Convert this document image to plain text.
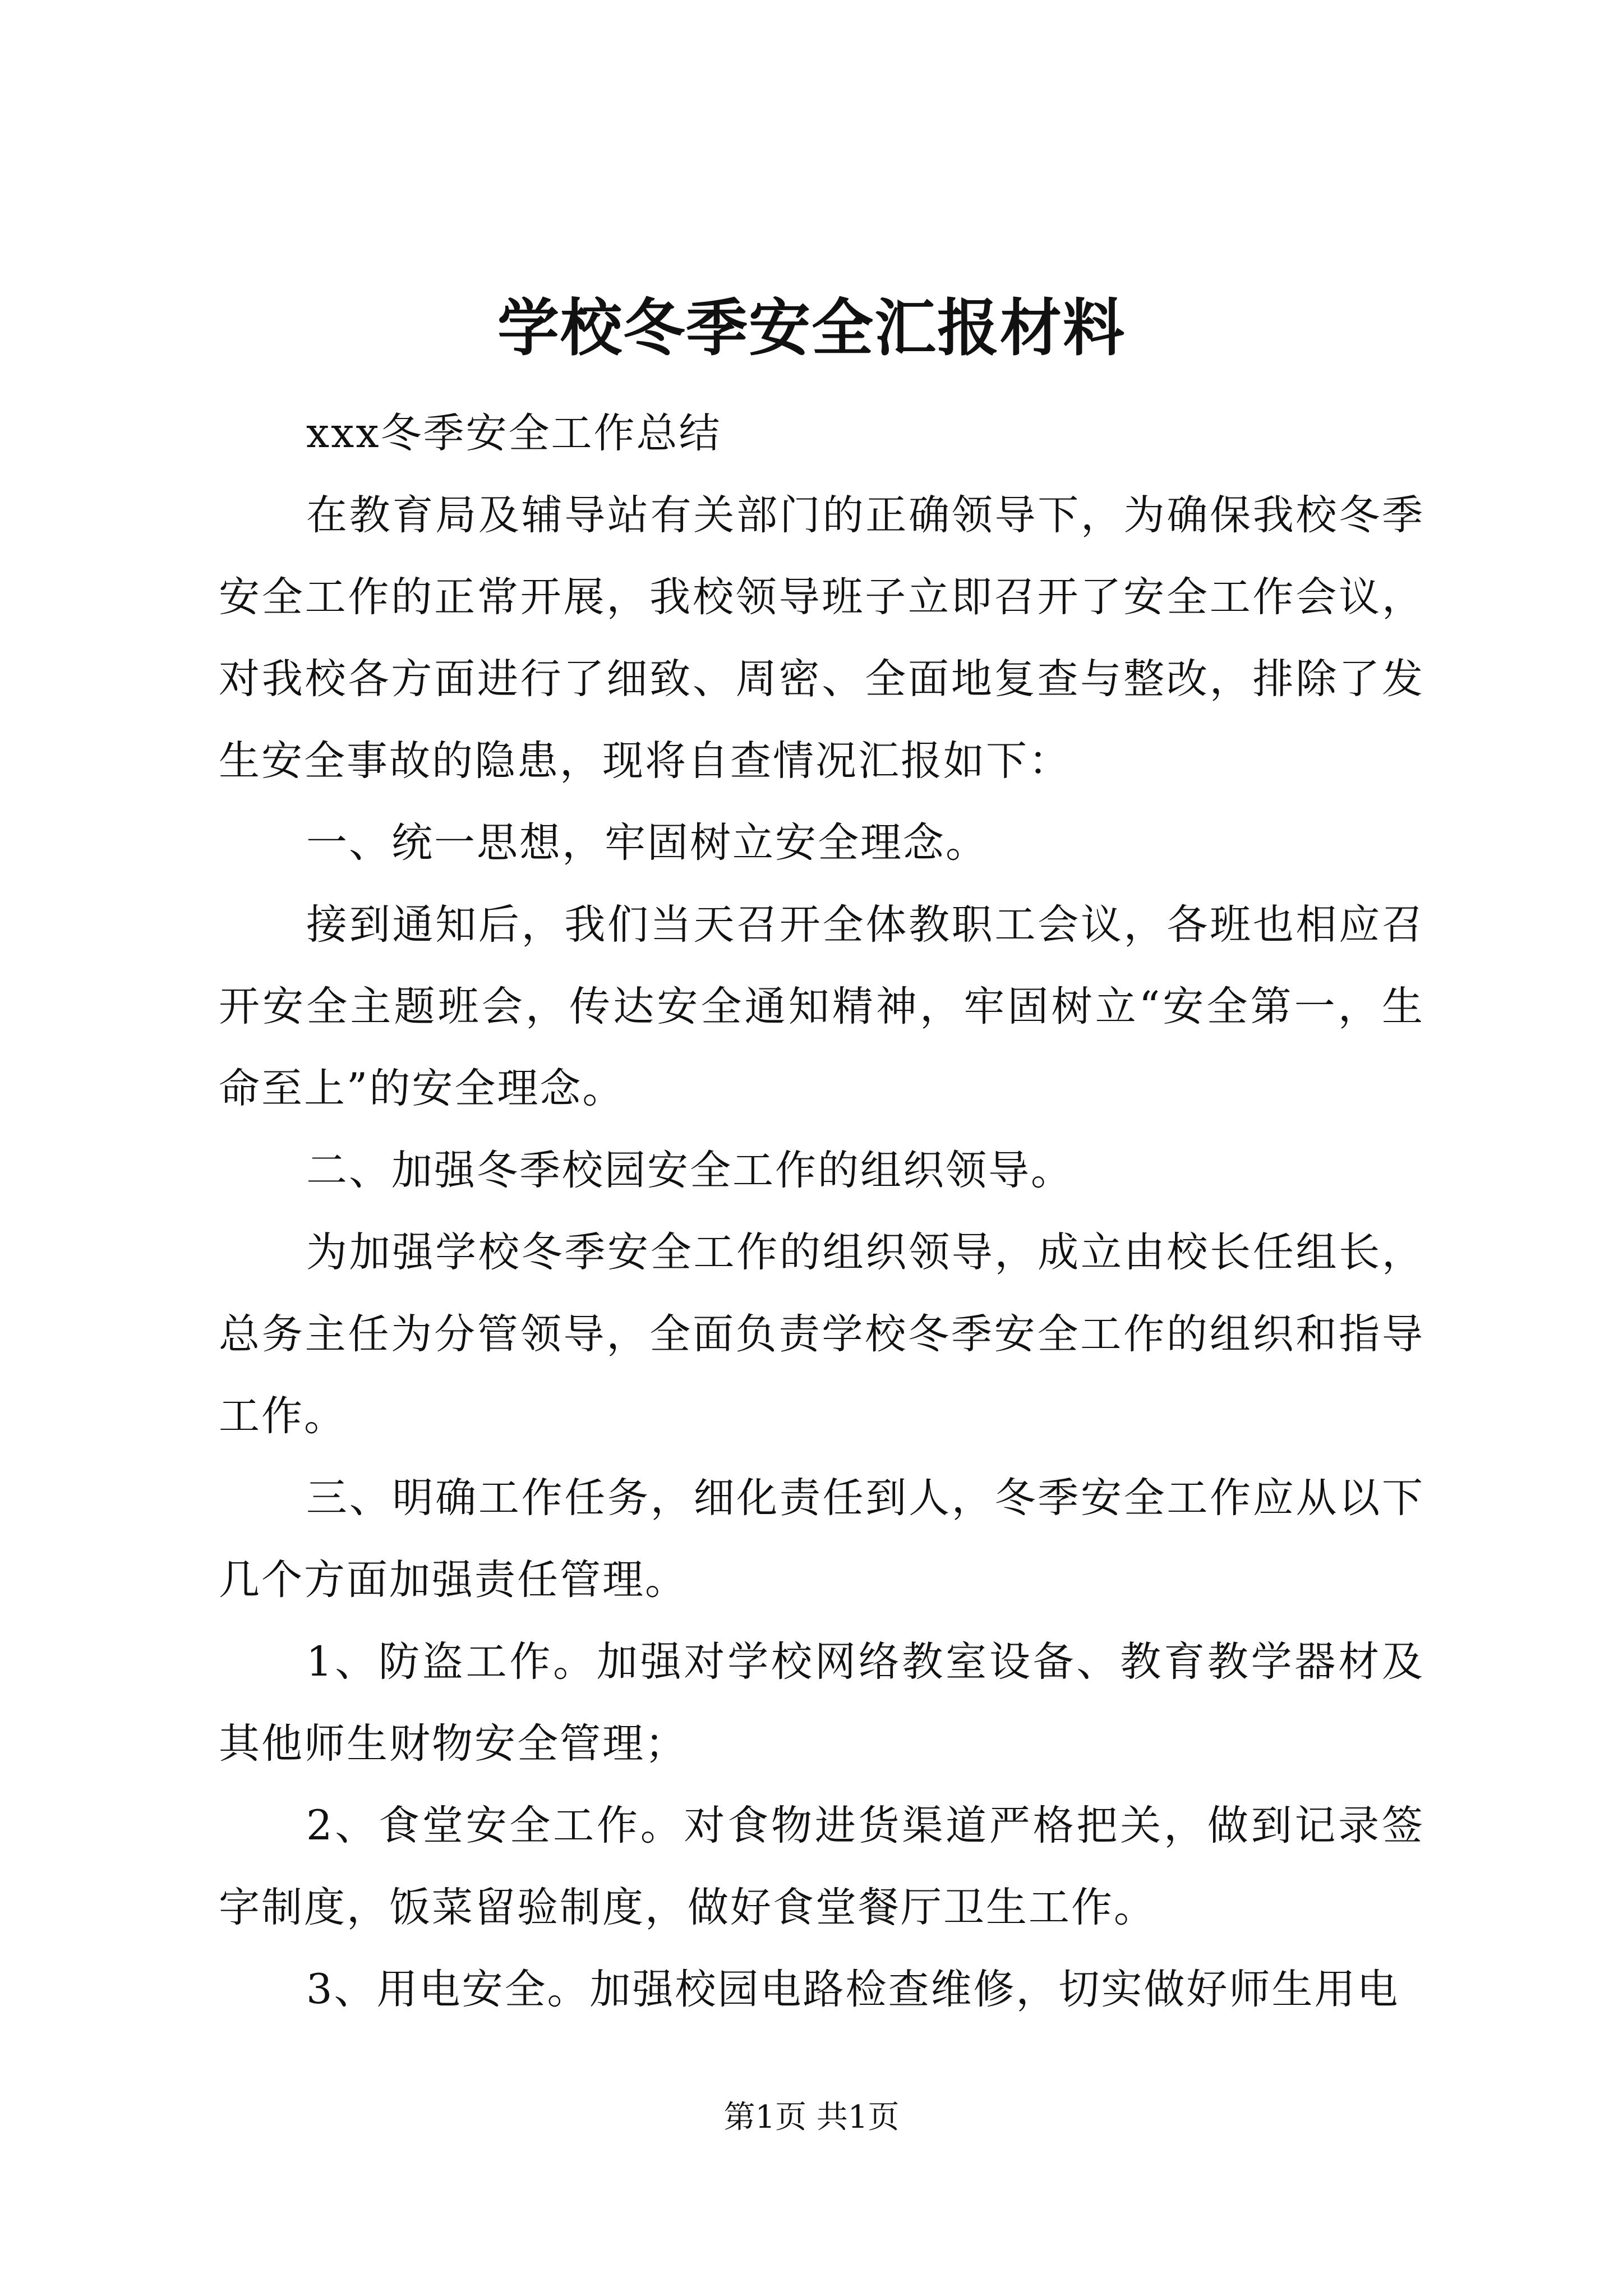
学校冬季安全汇报材料

xxx冬季安全工作总结

在教育局及辅导站有关部门的正确领导下，为确保我校冬季安全工作的正常开展，我校领导班子立即召开了安全工作会议，对我校各方面进行了细致、周密、全面地复查与整改，排除了发生安全事故的隐患，现将自查情况汇报如下：

一、统一思想，牢固树立安全理念。

接到通知后，我们当天召开全体教职工会议，各班也相应召开安全主题班会，传达安全通知精神，牢固树立“安全第一，生命至上”的安全理念。

二、加强冬季校园安全工作的组织领导。

为加强学校冬季安全工作的组织领导，成立由校长任组长，总务主任为分管领导，全面负责学校冬季安全工作的组织和指导工作。

三、明确工作任务，细化责任到人，冬季安全工作应从以下几个方面加强责任管理。

1、防盗工作。加强对学校网络教室设备、教育教学器材及其他师生财物安全管理；

2、食堂安全工作。对食物进货渠道严格把关，做到记录签字制度，饭菜留验制度，做好食堂餐厅卫生工作。

3、用电安全。加强校园电路检查维修，切实做好师生用电

第1页 共1页
